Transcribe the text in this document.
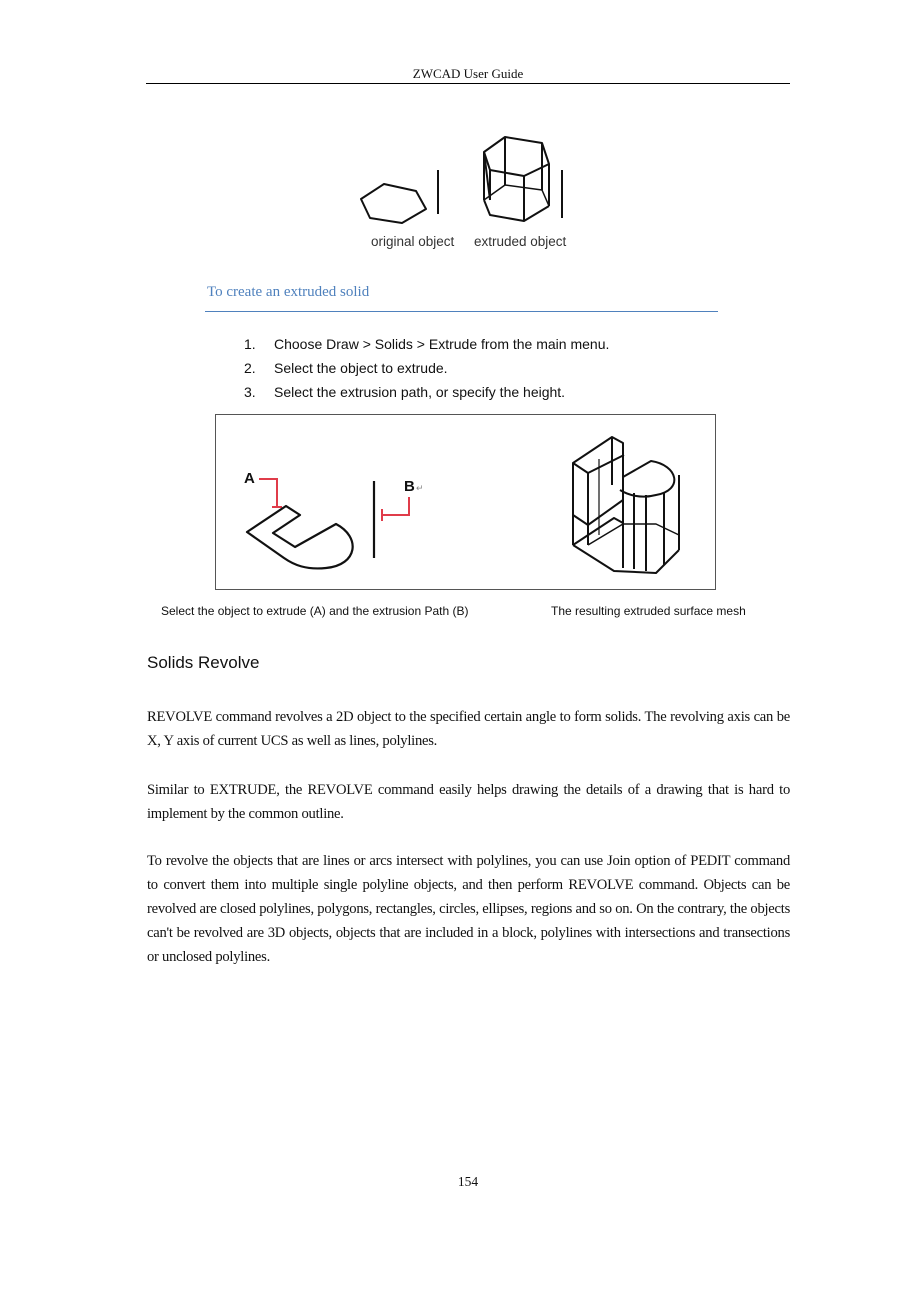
ZWCAD User Guide
original object extruded object
To create an extruded solid
1. Choose Draw > Solids > Extrude from the main menu.
2. Select the object to extrude.
3. Select the extrusion path, or specify the height.
A	B ↵
Select the object to extrude (A) and the extrusion Path (B)	The resulting extruded surface mesh
Solids Revolve

REVOLVE command revolves a 2D object to the specified certain angle to form solids. The revolving axis can be X, Y axis of current UCS as well as lines, polylines.

Similar to EXTRUDE, the REVOLVE command easily helps drawing the details of a drawing that is hard to implement by the common outline.

To revolve the objects that are lines or arcs intersect with polylines, you can use Join option of PEDIT command to convert them into multiple single polyline objects, and then perform REVOLVE command. Objects can be revolved are closed polylines, polygons, rectangles, circles, ellipses, regions and so on. On the contrary, the objects can't be revolved are 3D objects, objects that are included in a block, polylines with intersections and transections or unclosed polylines.

154
